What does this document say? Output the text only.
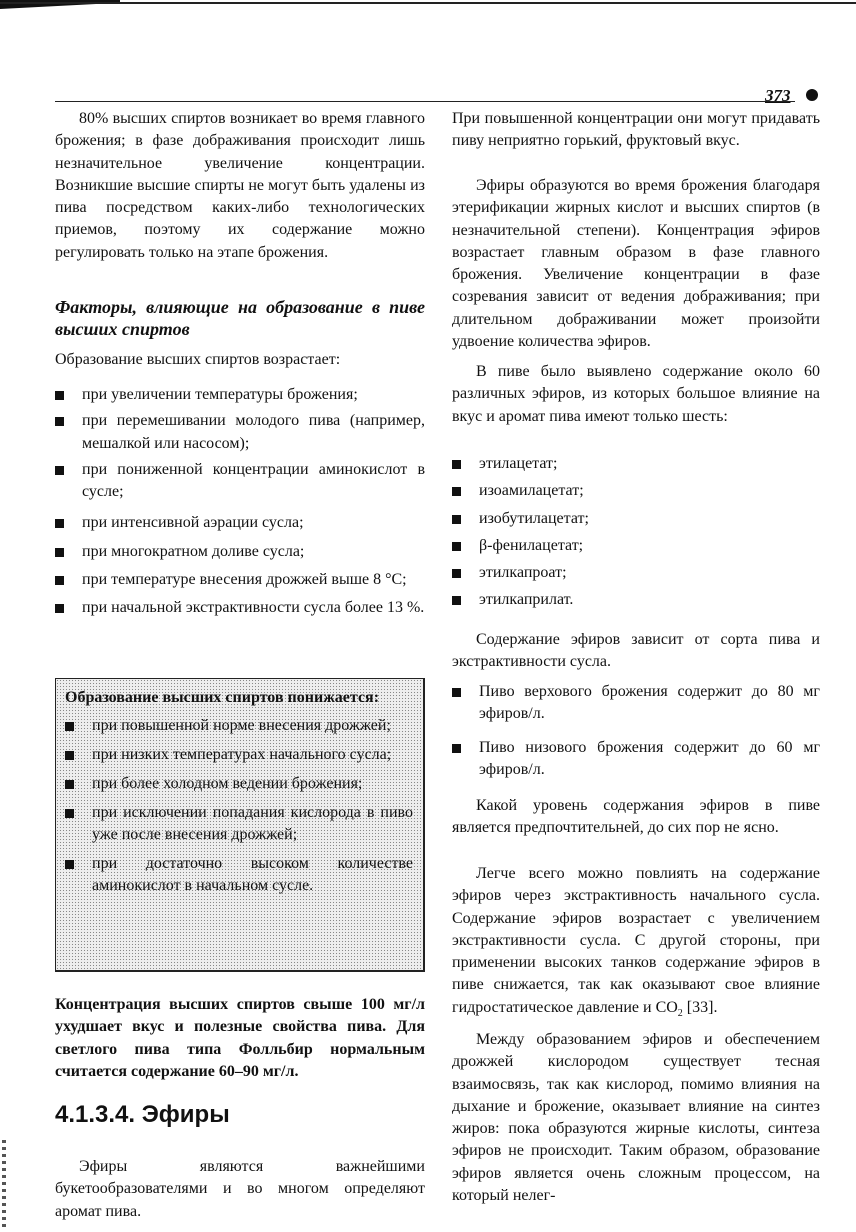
373

80% высших спиртов возникает во время главного брожения; в фазе дображивания происходит лишь незначительное увеличение концентрации. Возникшие высшие спирты не могут быть удалены из пива посредством каких-либо технологических приемов, поэтому их содержание можно регулировать только на этапе брожения.

Факторы, влияющие на образование в пиве высших спиртов

Образование высших спиртов возрастает:

при увеличении температуры брожения;
при перемешивании молодого пива (например, мешалкой или насосом);
при пониженной концентрации аминокислот в сусле;
при интенсивной аэрации сусла;
при многократном доливе сусла;
при температуре внесения дрожжей выше 8 °С;
при начальной экстрактивности сусла более 13 %.

Образование высших спиртов понижается:

при повышенной норме внесения дрожжей;
при низких температурах начального сусла;
при более холодном ведении брожения;
при исключении попадания кислорода в пиво уже после внесения дрожжей;
при достаточно высоком количестве аминокислот в начальном сусле.

Концентрация высших спиртов свыше 100 мг/л ухудшает вкус и полезные свойства пива. Для светлого пива типа Фолльбир нормальным считается содержание 60–90 мг/л.

4.1.3.4. Эфиры

Эфиры являются важнейшими букетообразователями и во многом определяют аромат пива.

При повышенной концентрации они могут придавать пиву неприятно горький, фруктовый вкус.

Эфиры образуются во время брожения благодаря этерификации жирных кислот и высших спиртов (в незначительной степени). Концентрация эфиров возрастает главным образом в фазе главного брожения. Увеличение концентрации в фазе созревания зависит от ведения дображивания; при длительном дображивании может произойти удвоение количества эфиров.

В пиве было выявлено содержание около 60 различных эфиров, из которых большое влияние на вкус и аромат пива имеют только шесть:

этилацетат;
изоамилацетат;
изобутилацетат;
β-фенилацетат;
этилкапроат;
этилкаприлат.

Содержание эфиров зависит от сорта пива и экстрактивности сусла.

Пиво верхового брожения содержит до 80 мг эфиров/л.
Пиво низового брожения содержит до 60 мг эфиров/л.

Какой уровень содержания эфиров в пиве является предпочтительней, до сих пор не ясно.

Легче всего можно повлиять на содержание эфиров через экстрактивность начального сусла. Содержание эфиров возрастает с увеличением экстрактивности сусла. С другой стороны, при применении высоких танков содержание эфиров в пиве снижается, так как оказывают свое влияние гидростатическое давление и $CO_2$ [33].

Между образованием эфиров и обеспечением дрожжей кислородом существует тесная взаимосвязь, так как кислород, помимо влияния на дыхание и брожение, оказывает влияние на синтез жиров: пока образуются жирные кислоты, синтеза эфиров не происходит. Таким образом, образование эфиров является очень сложным процессом, на который нелег-
